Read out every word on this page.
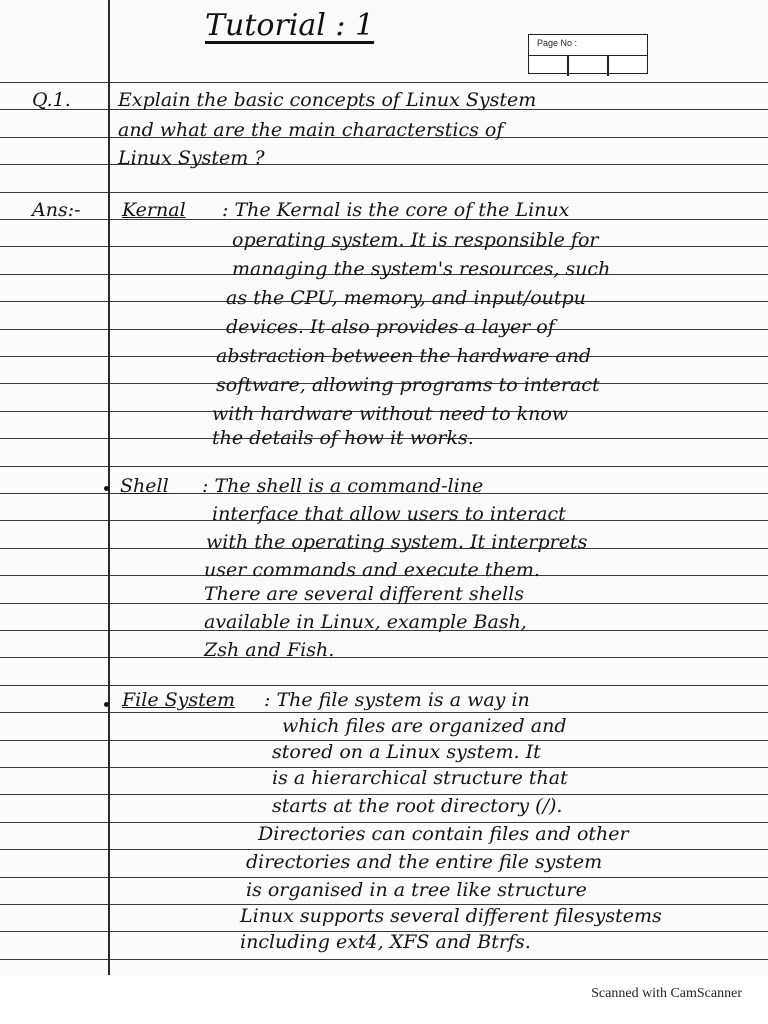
Tutorial : 1	Page No :
Q.1. Explain the basic concepts of Linux System
and what are the main characterstics of
Linux System ?
Ans:- Kernal : The Kernal is the core of the Linux
operating system. It is responsible for
managing the system's resources, such
as the CPU, memory, and input/outpu
devices. It also provides a layer of
abstraction between the hardware and
software, allowing programs to interact
with hardware without need to know
the details of how it works.
Shell : The shell is a command-line
interface that allow users to interact
with the operating system. It interprets
user commands and execute them.
There are several different shells
available in Linux, example Bash,
Zsh and Fish.
File System : The file system is a way in
which files are organized and
stored on a Linux system. It
is a hierarchical structure that
starts at the root directory (/).
Directories can contain files and other
directories and the entire file system
is organised in a tree like structure
Linux supports several different filesystems
including ext4, XFS and Btrfs.
Scanned with CamScanner
